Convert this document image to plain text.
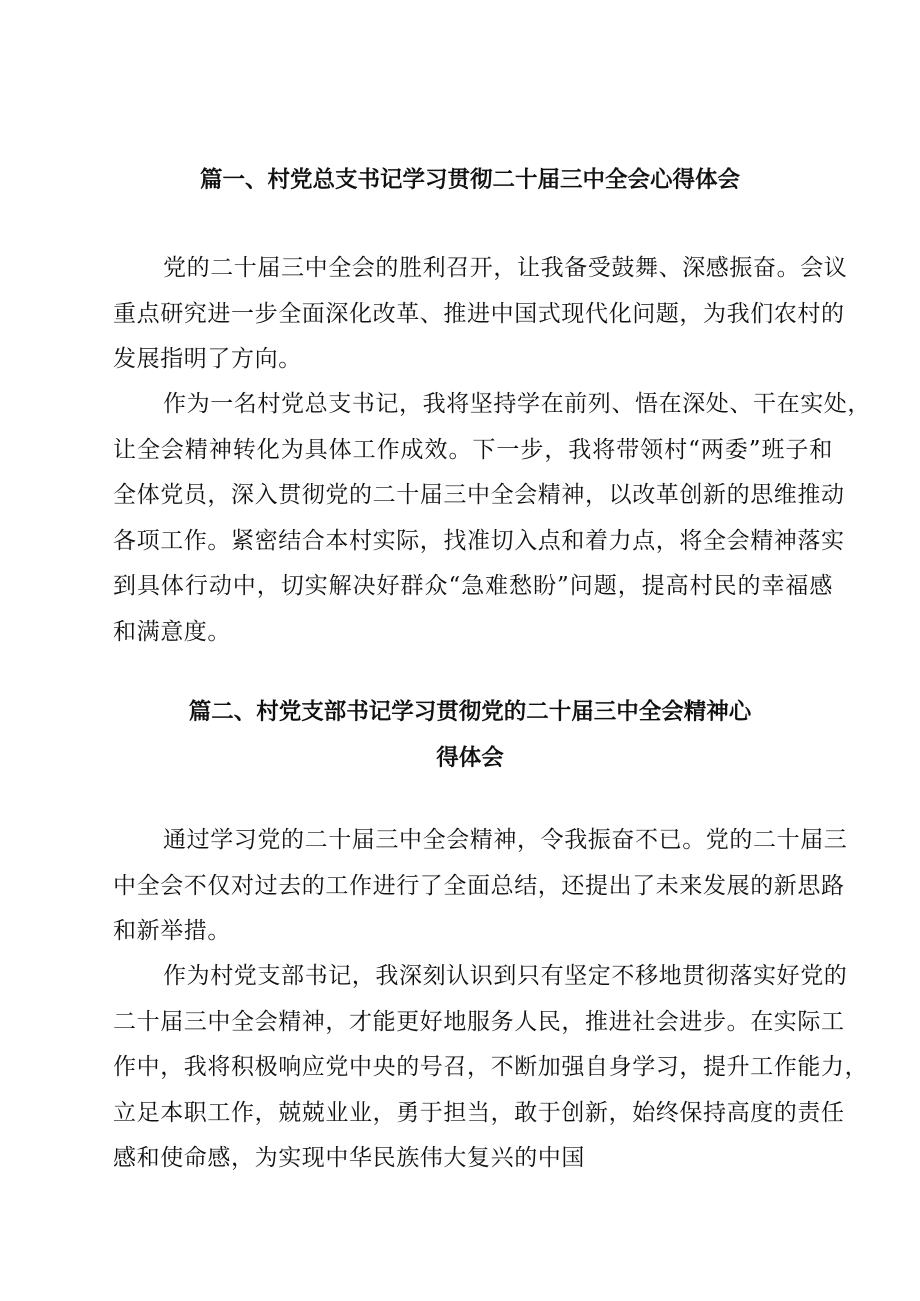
篇一、村党总支书记学习贯彻二十届三中全会心得体会
党的二十届三中全会的胜利召开，让我备受鼓舞、深感振奋。会议
重点研究进一步全面深化改革、推进中国式现代化问题，为我们农村的
发展指明了方向。
作为一名村党总支书记，我将坚持学在前列、悟在深处、干在实处，
让全会精神转化为具体工作成效。下一步，我将带领村“两委”班子和
全体党员，深入贯彻党的二十届三中全会精神，以改革创新的思维推动
各项工作。紧密结合本村实际，找准切入点和着力点，将全会精神落实
到具体行动中，切实解决好群众“急难愁盼”问题，提高村民的幸福感
和满意度。
篇二、村党支部书记学习贯彻党的二十届三中全会精神心
得体会
通过学习党的二十届三中全会精神，令我振奋不已。党的二十届三
中全会不仅对过去的工作进行了全面总结，还提出了未来发展的新思路
和新举措。
作为村党支部书记，我深刻认识到只有坚定不移地贯彻落实好党的
二十届三中全会精神，才能更好地服务人民，推进社会进步。在实际工
作中，我将积极响应党中央的号召，不断加强自身学习，提升工作能力，
立足本职工作，兢兢业业，勇于担当，敢于创新，始终保持高度的责任
感和使命感，为实现中华民族伟大复兴的中国
